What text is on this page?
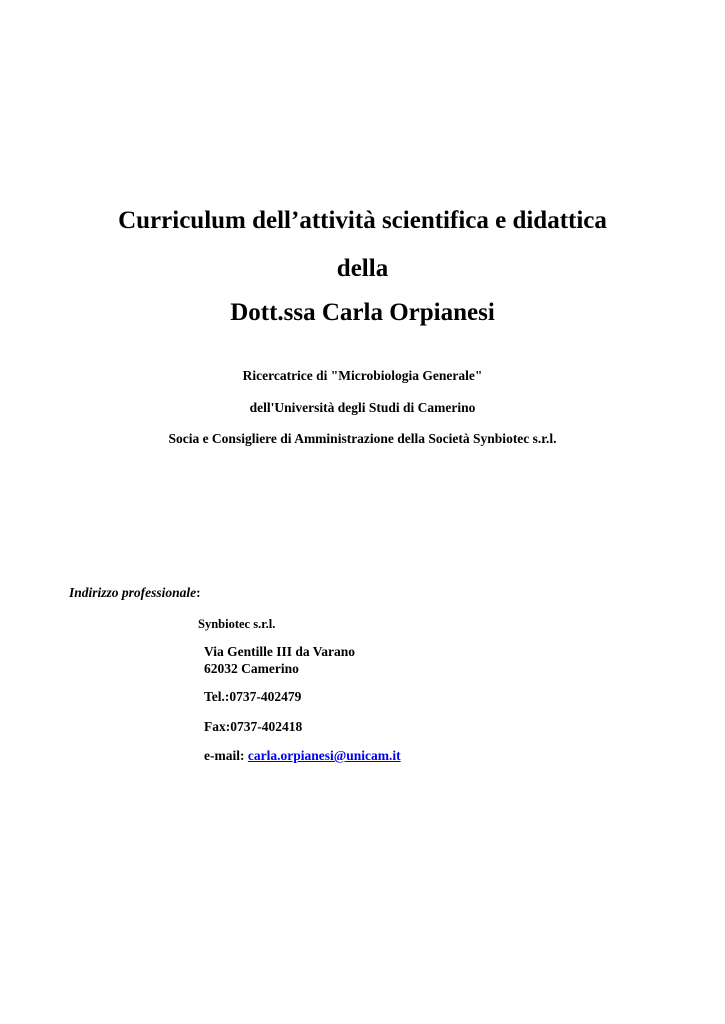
Curriculum dell’attività scientifica e didattica
della
Dott.ssa Carla Orpianesi
Ricercatrice di "Microbiologia Generale"
dell'Università degli Studi di Camerino
Socia e Consigliere di Amministrazione della Società Synbiotec s.r.l.
Indirizzo professionale:
Synbiotec s.r.l.
Via Gentille III da Varano
62032 Camerino
Tel.:0737-402479
Fax:0737-402418
e-mail: carla.orpianesi@unicam.it
